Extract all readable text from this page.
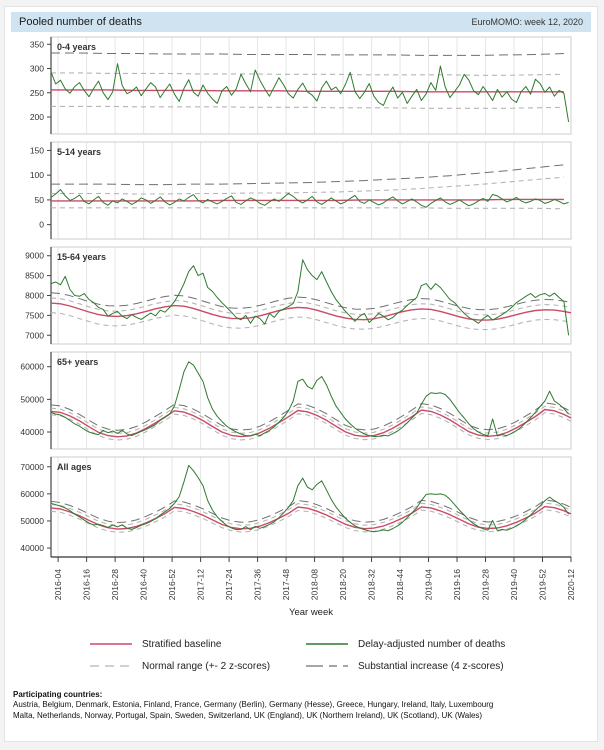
Pooled number of deaths	EuroMOMO: week 12, 2020
200
250
300
350 0-4 years
0
50
100
150 5-14 years
7000
7500
8000
8500
9000 15-64 years
40000
50000
60000 65+ years
40000
50000
60000
70000 All ages
2016-04 2016-16 2016-28 2016-40 2016-52 2017-12 2017-24 2017-36 2017-48 2018-08 2018-20 2018-32 2018-44 2019-04 2019-16 2019-28 2019-40 2019-52 2020-12
Year week
Stratified baseline	Delay-adjusted number of deaths
Normal range (+- 2 z-scores)	Substantial increase (4 z-scores)
Participating countries:
Austria, Belgium, Denmark, Estonia, Finland, France, Germany (Berlin), Germany (Hesse), Greece, Hungary, Ireland, Italy, Luxembourg
Malta, Netherlands, Norway, Portugal, Spain, Sweden, Switzerland, UK (England), UK (Northern Ireland), UK (Scotland), UK (Wales)
